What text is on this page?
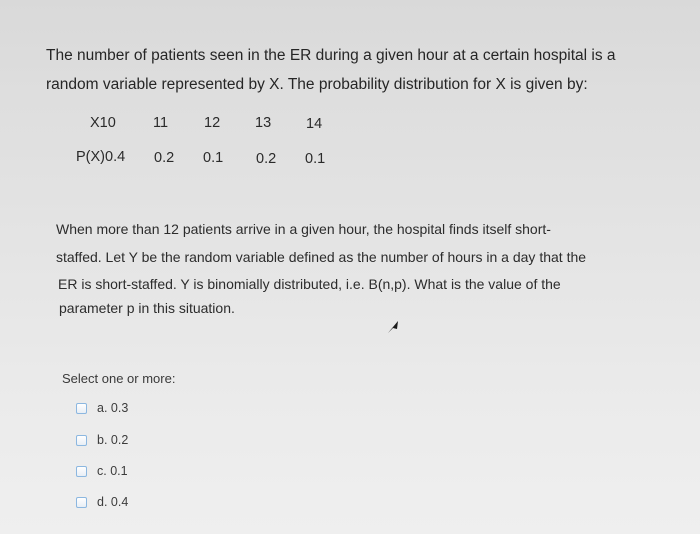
The number of patients seen in the ER during a given hour at a certain hospital is a
random variable represented by X. The probability distribution for X is given by:
X10	11 12 13 14
P(X)0.4 0.2 0.1 0.2 0.1
When more than 12 patients arrive in a given hour, the hospital finds itself short-
staffed. Let Y be the random variable defined as the number of hours in a day that the
ER is short-staffed. Y is binomially distributed, i.e. B(n,p). What is the value of the
parameter p in this situation.
Select one or more:
a. 0.3
b. 0.2
c. 0.1
d. 0.4
